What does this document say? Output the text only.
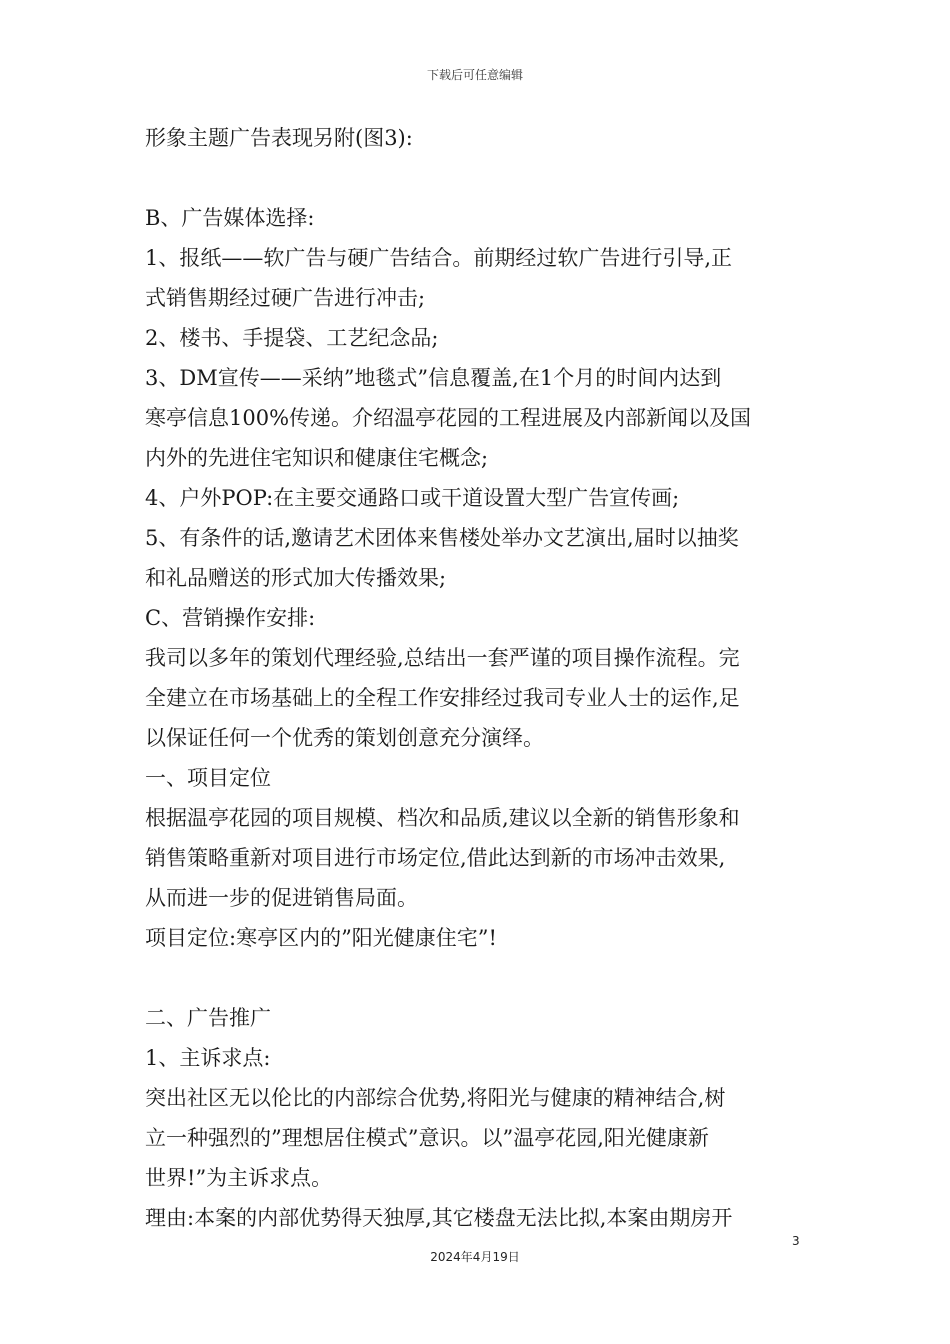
下载后可任意编辑
形象主题广告表现另附(图3):
B、广告媒体选择:
1、报纸——软广告与硬广告结合。前期经过软广告进行引导,正
式销售期经过硬广告进行冲击;
2、楼书、手提袋、工艺纪念品;
3、DM宣传——采纳”地毯式”信息覆盖,在1个月的时间内达到
寒亭信息100%传递。介绍温亭花园的工程进展及内部新闻以及国
内外的先进住宅知识和健康住宅概念;
4、户外POP:在主要交通路口或干道设置大型广告宣传画;
5、有条件的话,邀请艺术团体来售楼处举办文艺演出,届时以抽奖
和礼品赠送的形式加大传播效果;
C、营销操作安排:
我司以多年的策划代理经验,总结出一套严谨的项目操作流程。完
全建立在市场基础上的全程工作安排经过我司专业人士的运作,足
以保证任何一个优秀的策划创意充分演绎。
一、项目定位
根据温亭花园的项目规模、档次和品质,建议以全新的销售形象和
销售策略重新对项目进行市场定位,借此达到新的市场冲击效果,
从而进一步的促进销售局面。
项目定位:寒亭区内的”阳光健康住宅”!
二、广告推广
1、主诉求点:
突出社区无以伦比的内部综合优势,将阳光与健康的精神结合,树
立一种强烈的”理想居住模式”意识。以”温亭花园,阳光健康新
世界!”为主诉求点。
理由:本案的内部优势得天独厚,其它楼盘无法比拟,本案由期房开
3
2024年4月19日
